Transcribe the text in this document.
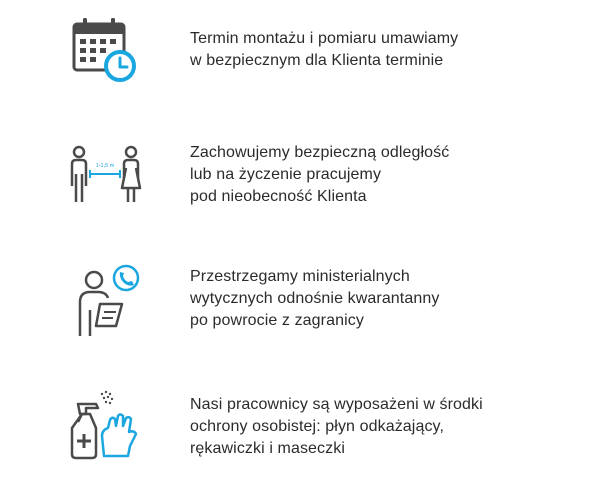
Termin montażu i pomiaru umawiamy
w bezpiecznym dla Klienta terminie
1-1,5 m
Zachowujemy bezpieczną odległość
lub na życzenie pracujemy
pod nieobecność Klienta
Przestrzegamy ministerialnych
wytycznych odnośnie kwarantanny
po powrocie z zagranicy
Nasi pracownicy są wyposażeni w środki
ochrony osobistej: płyn odkażający,
rękawiczki i maseczki
